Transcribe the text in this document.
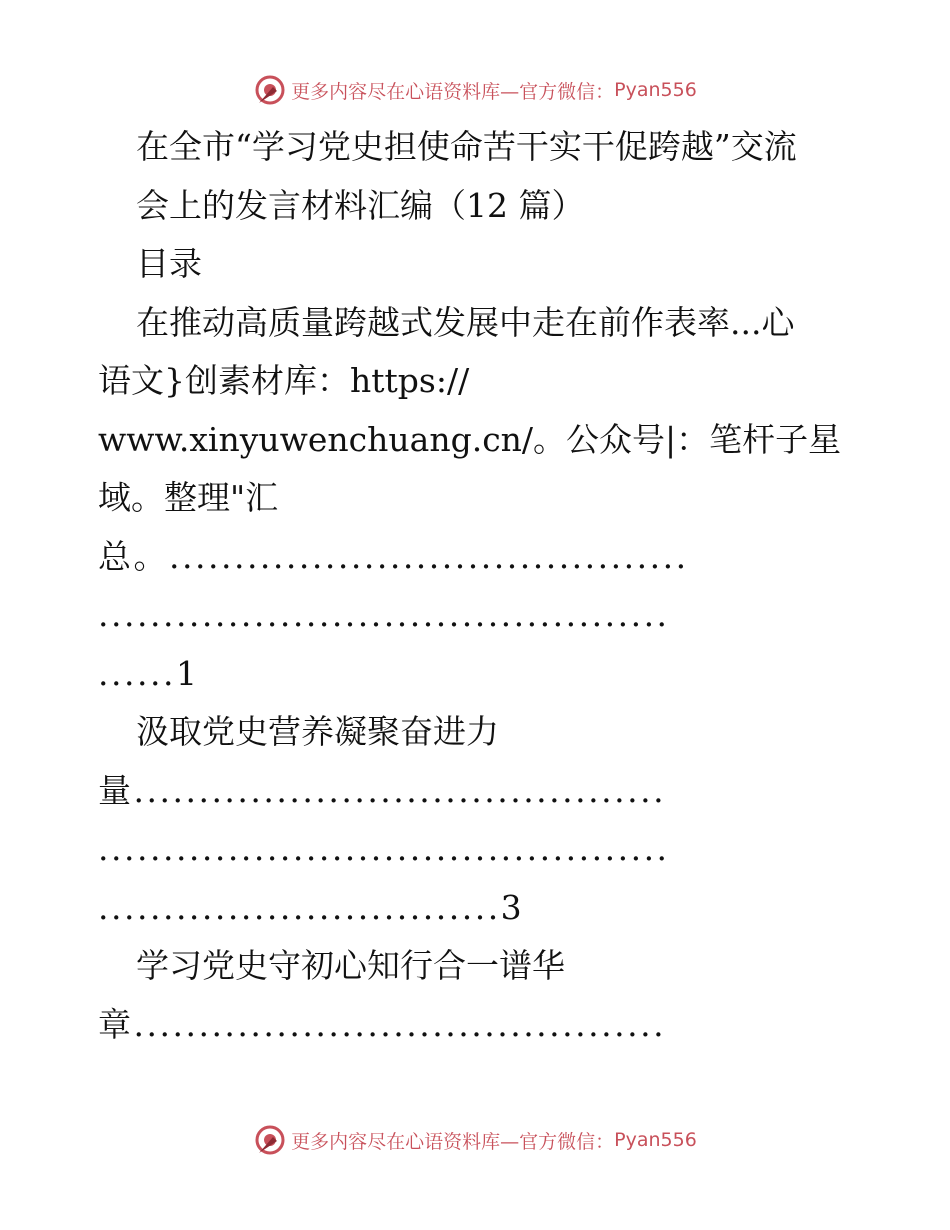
更多内容尽在心语资料库—官方微信： Pyan556
在全市“学习党史担使命苦干实干促跨越”交流
会上的发言材料汇编（12 篇）
目录
在推动高质量跨越式发展中走在前作表率...心
语文}创素材库：https://
www.xinyuwenchuang.cn/。公众号|：笔杆子星
域。整理"汇
总。........................................
............................................
......1
汲取党史营养凝聚奋进力
量.........................................
............................................
...............................3
学习党史守初心知行合一谱华
章.........................................
更多内容尽在心语资料库—官方微信： Pyan556
